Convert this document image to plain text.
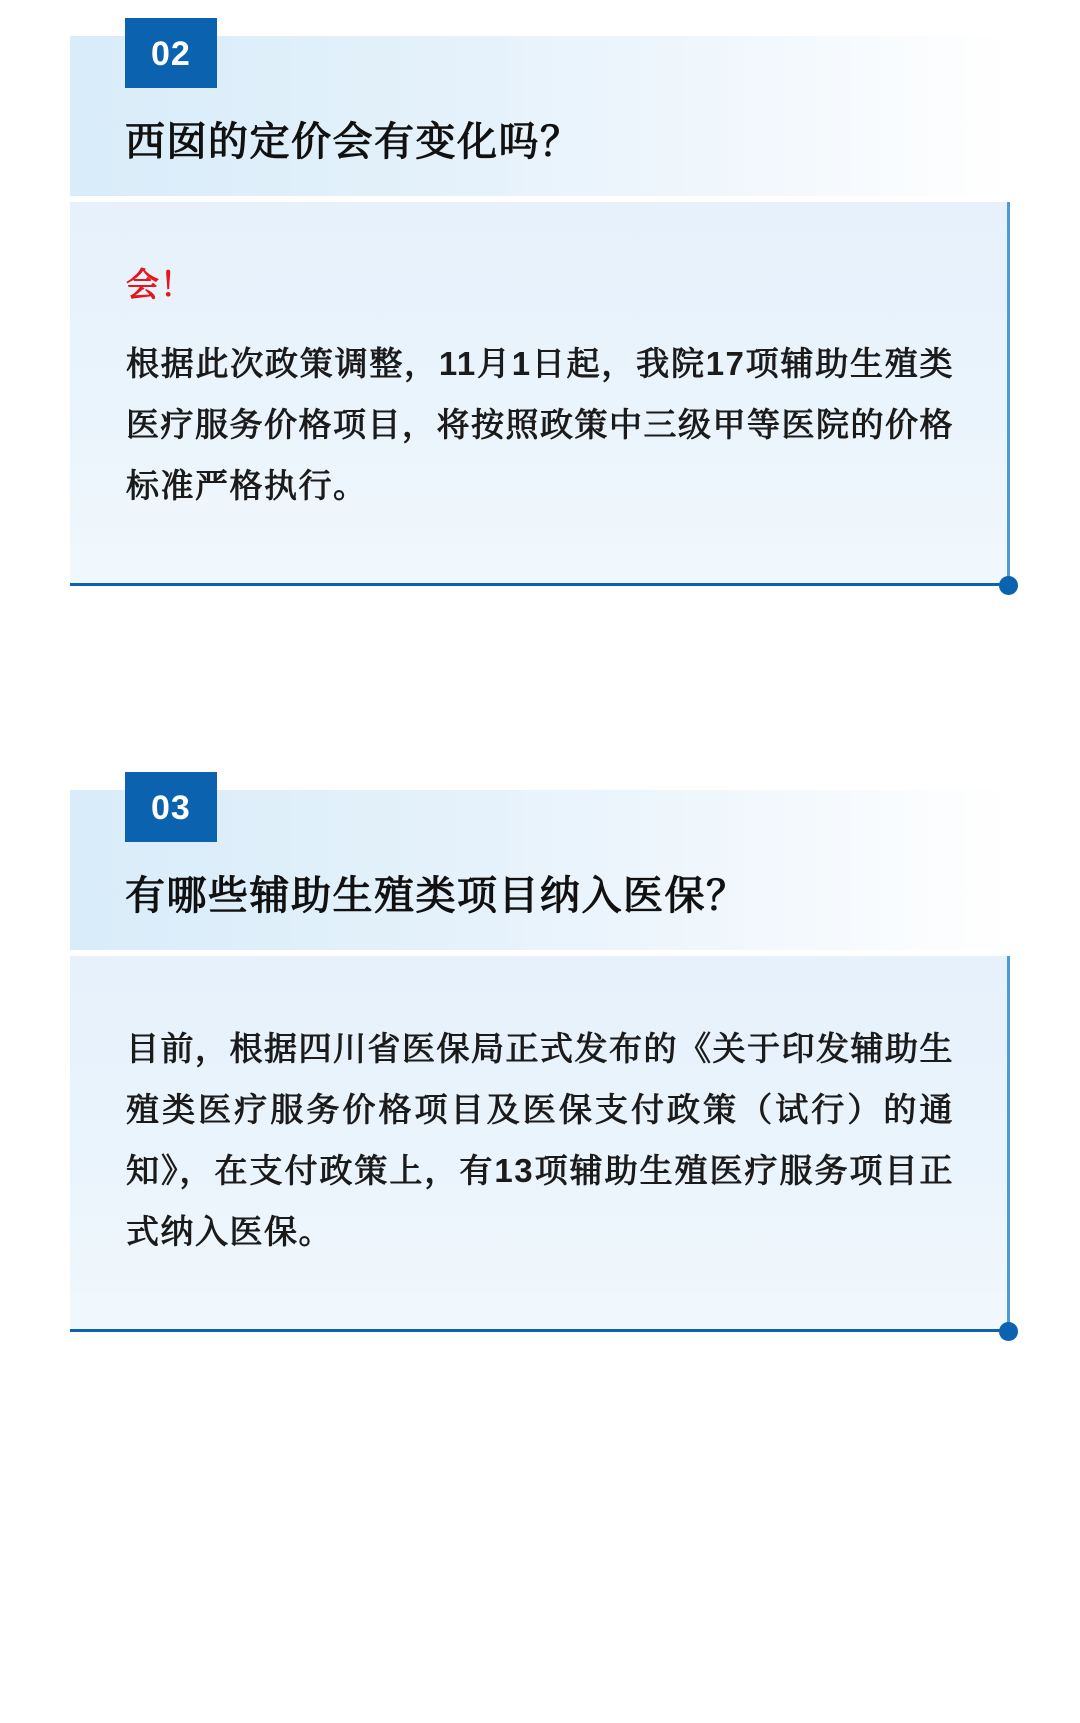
02
西囡的定价会有变化吗？

会！

根据此次政策调整，11月1日起，我院17项辅助生殖类医疗服务价格项目，将按照政策中三级甲等医院的价格标准严格执行。

03
有哪些辅助生殖类项目纳入医保？

目前，根据四川省医保局正式发布的《关于印发辅助生殖类医疗服务价格项目及医保支付政策（试行）的通知》，在支付政策上，有13项辅助生殖医疗服务项目正式纳入医保。
